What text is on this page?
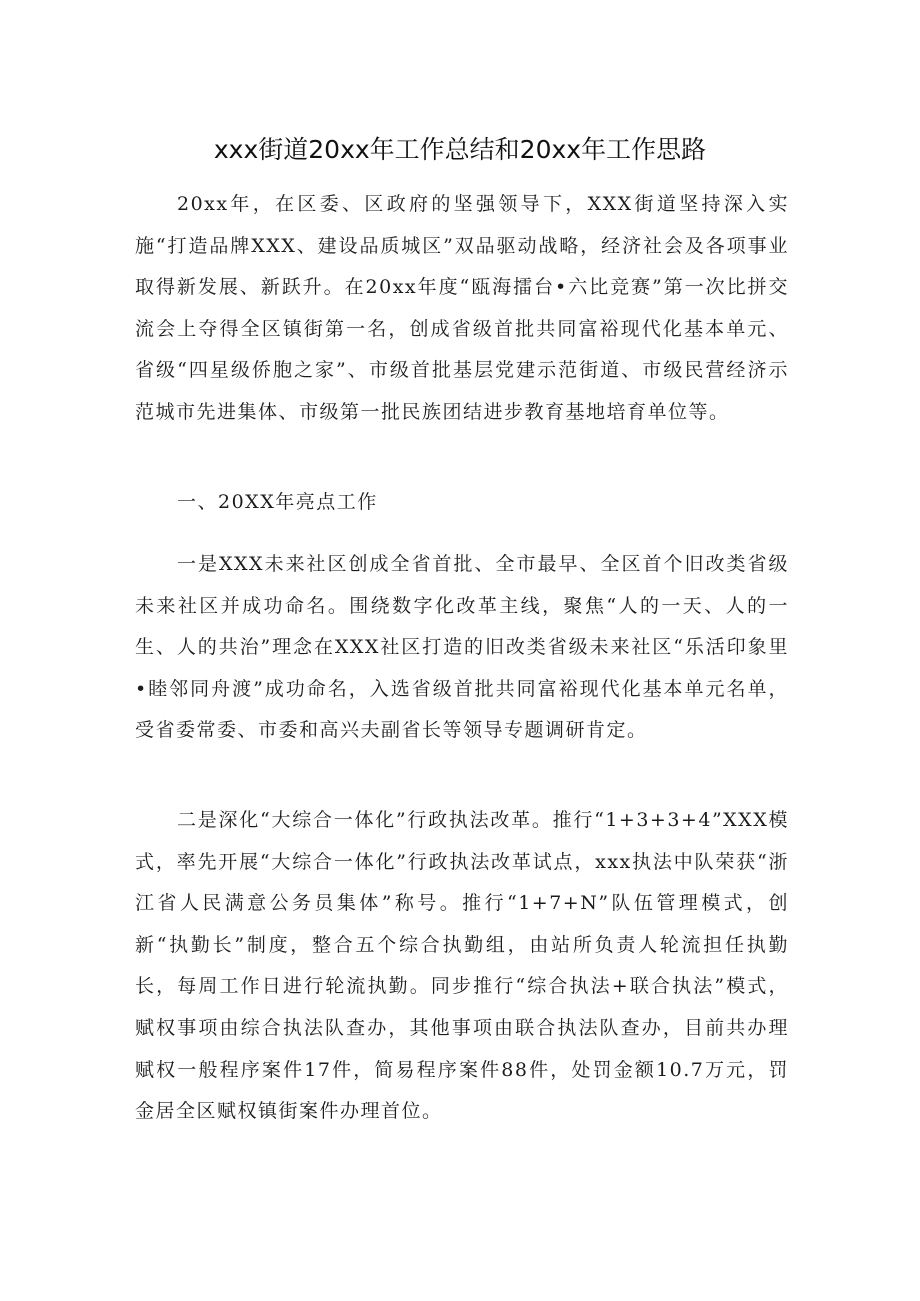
xxx街道20xx年工作总结和20xx年工作思路

20xx年，在区委、区政府的坚强领导下，XXX街道坚持深入实施“打造品牌XXX、建设品质城区”双品驱动战略，经济社会及各项事业取得新发展、新跃升。在20xx年度“瓯海擂台•六比竞赛”第一次比拼交流会上夺得全区镇街第一名，创成省级首批共同富裕现代化基本单元、省级“四星级侨胞之家”、市级首批基层党建示范街道、市级民营经济示范城市先进集体、市级第一批民族团结进步教育基地培育单位等。

一、20XX年亮点工作

一是XXX未来社区创成全省首批、全市最早、全区首个旧改类省级未来社区并成功命名。围绕数字化改革主线，聚焦“人的一天、人的一生、人的共治”理念在XXX社区打造的旧改类省级未来社区“乐活印象里•睦邻同舟渡”成功命名，入选省级首批共同富裕现代化基本单元名单，受省委常委、市委和高兴夫副省长等领导专题调研肯定。

二是深化“大综合一体化”行政执法改革。推行“1+3+3+4”XXX模式，率先开展“大综合一体化”行政执法改革试点，xxx执法中队荣获“浙江省人民满意公务员集体”称号。推行“1+7+N”队伍管理模式，创新“执勤长”制度，整合五个综合执勤组，由站所负责人轮流担任执勤长，每周工作日进行轮流执勤。同步推行“综合执法+联合执法”模式，赋权事项由综合执法队查办，其他事项由联合执法队查办，目前共办理赋权一般程序案件17件，简易程序案件88件，处罚金额10.7万元，罚金居全区赋权镇街案件办理首位。
